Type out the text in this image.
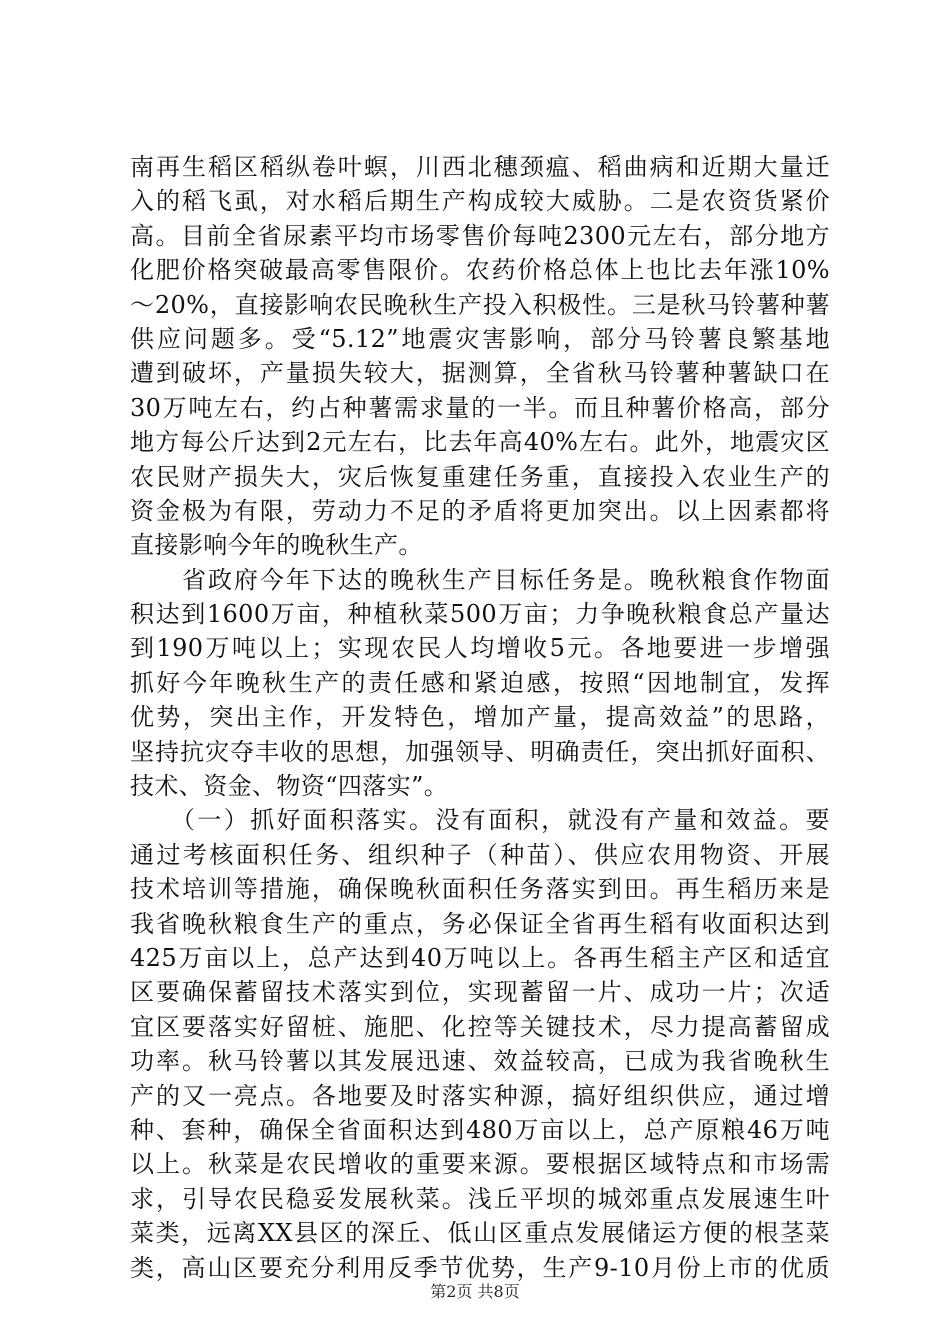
南再生稻区稻纵卷叶螟，川西北穗颈瘟、稻曲病和近期大量迁
入的稻飞虱，对水稻后期生产构成较大威胁。二是农资货紧价
高。目前全省尿素平均市场零售价每吨2300元左右，部分地方
化肥价格突破最高零售限价。农药价格总体上也比去年涨10%
～20%，直接影响农民晚秋生产投入积极性。三是秋马铃薯种薯
供应问题多。受“5.12”地震灾害影响，部分马铃薯良繁基地
遭到破坏，产量损失较大，据测算，全省秋马铃薯种薯缺口在
30万吨左右，约占种薯需求量的一半。而且种薯价格高，部分
地方每公斤达到2元左右，比去年高40%左右。此外，地震灾区
农民财产损失大，灾后恢复重建任务重，直接投入农业生产的
资金极为有限，劳动力不足的矛盾将更加突出。以上因素都将
直接影响今年的晚秋生产。
　　省政府今年下达的晚秋生产目标任务是。晚秋粮食作物面
积达到1600万亩，种植秋菜500万亩；力争晚秋粮食总产量达
到190万吨以上；实现农民人均增收5元。各地要进一步增强
抓好今年晚秋生产的责任感和紧迫感，按照“因地制宜，发挥
优势，突出主作，开发特色，增加产量，提高效益”的思路，
坚持抗灾夺丰收的思想，加强领导、明确责任，突出抓好面积、
技术、资金、物资“四落实”。
　　（一）抓好面积落实。没有面积，就没有产量和效益。要
通过考核面积任务、组织种子（种苗）、供应农用物资、开展
技术培训等措施，确保晚秋面积任务落实到田。再生稻历来是
我省晚秋粮食生产的重点，务必保证全省再生稻有收面积达到
425万亩以上，总产达到40万吨以上。各再生稻主产区和适宜
区要确保蓄留技术落实到位，实现蓄留一片、成功一片；次适
宜区要落实好留桩、施肥、化控等关键技术，尽力提高蓄留成
功率。秋马铃薯以其发展迅速、效益较高，已成为我省晚秋生
产的又一亮点。各地要及时落实种源，搞好组织供应，通过增
种、套种，确保全省面积达到480万亩以上，总产原粮46万吨
以上。秋菜是农民增收的重要来源。要根据区域特点和市场需
求，引导农民稳妥发展秋菜。浅丘平坝的城郊重点发展速生叶
菜类，远离XX县区的深丘、低山区重点发展储运方便的根茎菜
类，高山区要充分利用反季节优势，生产9-10月份上市的优质
第2页 共8页
